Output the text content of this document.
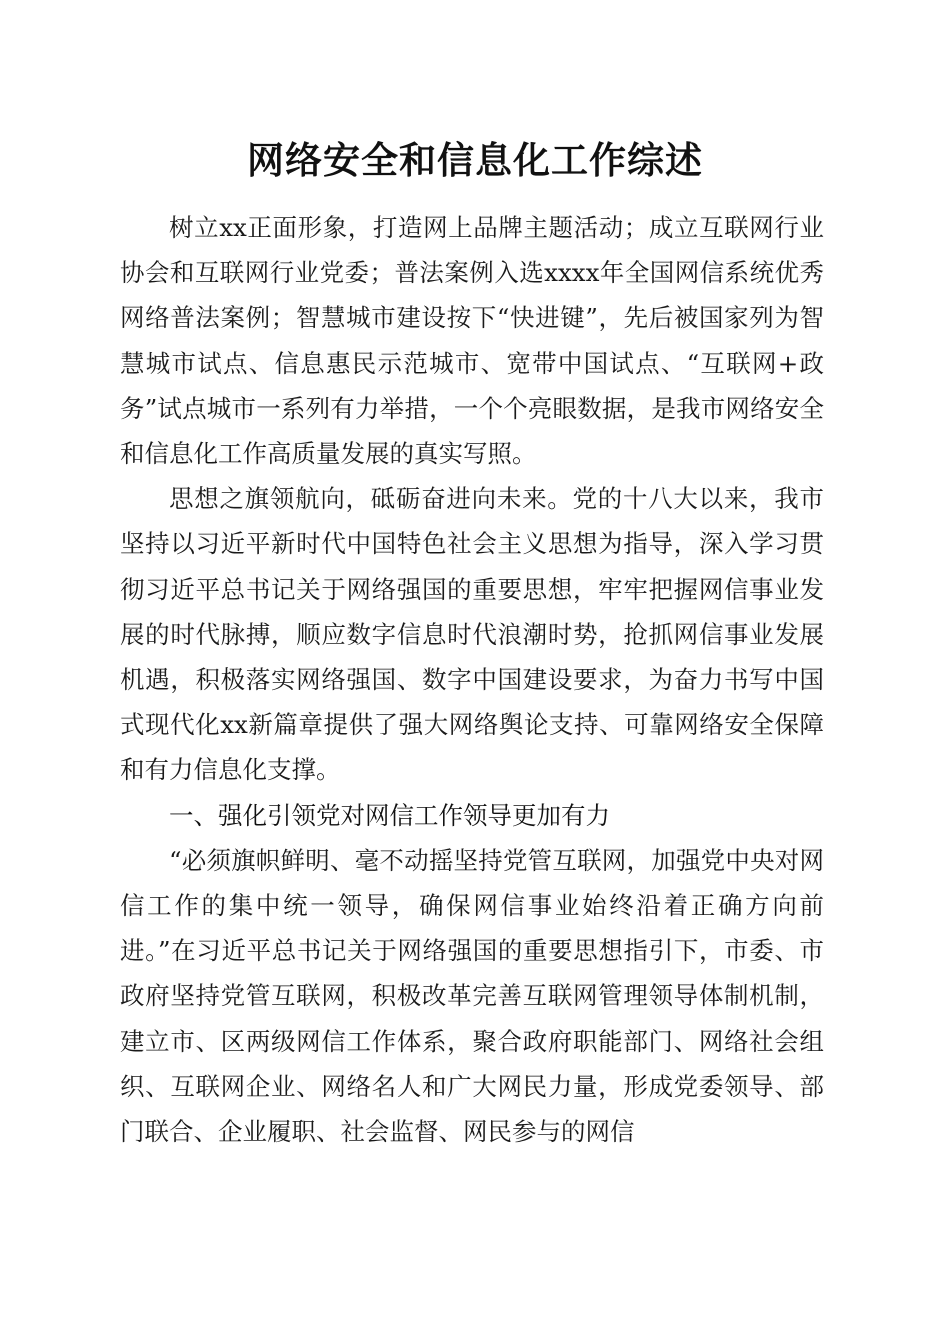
网络安全和信息化工作综述

树立xx正面形象，打造网上品牌主题活动；成立互联网行业协会和互联网行业党委；普法案例入选xxxx年全国网信系统优秀网络普法案例；智慧城市建设按下“快进键”，先后被国家列为智慧城市试点、信息惠民示范城市、宽带中国试点、“互联网+政务”试点城市一系列有力举措，一个个亮眼数据，是我市网络安全和信息化工作高质量发展的真实写照。

思想之旗领航向，砥砺奋进向未来。党的十八大以来，我市坚持以习近平新时代中国特色社会主义思想为指导，深入学习贯彻习近平总书记关于网络强国的重要思想，牢牢把握网信事业发展的时代脉搏，顺应数字信息时代浪潮时势，抢抓网信事业发展机遇，积极落实网络强国、数字中国建设要求，为奋力书写中国式现代化xx新篇章提供了强大网络舆论支持、可靠网络安全保障和有力信息化支撑。

一、强化引领党对网信工作领导更加有力

“必须旗帜鲜明、毫不动摇坚持党管互联网，加强党中央对网信工作的集中统一领导，确保网信事业始终沿着正确方向前进。”在习近平总书记关于网络强国的重要思想指引下，市委、市政府坚持党管互联网，积极改革完善互联网管理领导体制机制，建立市、区两级网信工作体系，聚合政府职能部门、网络社会组织、互联网企业、网络名人和广大网民力量，形成党委领导、部门联合、企业履职、社会监督、网民参与的网信
